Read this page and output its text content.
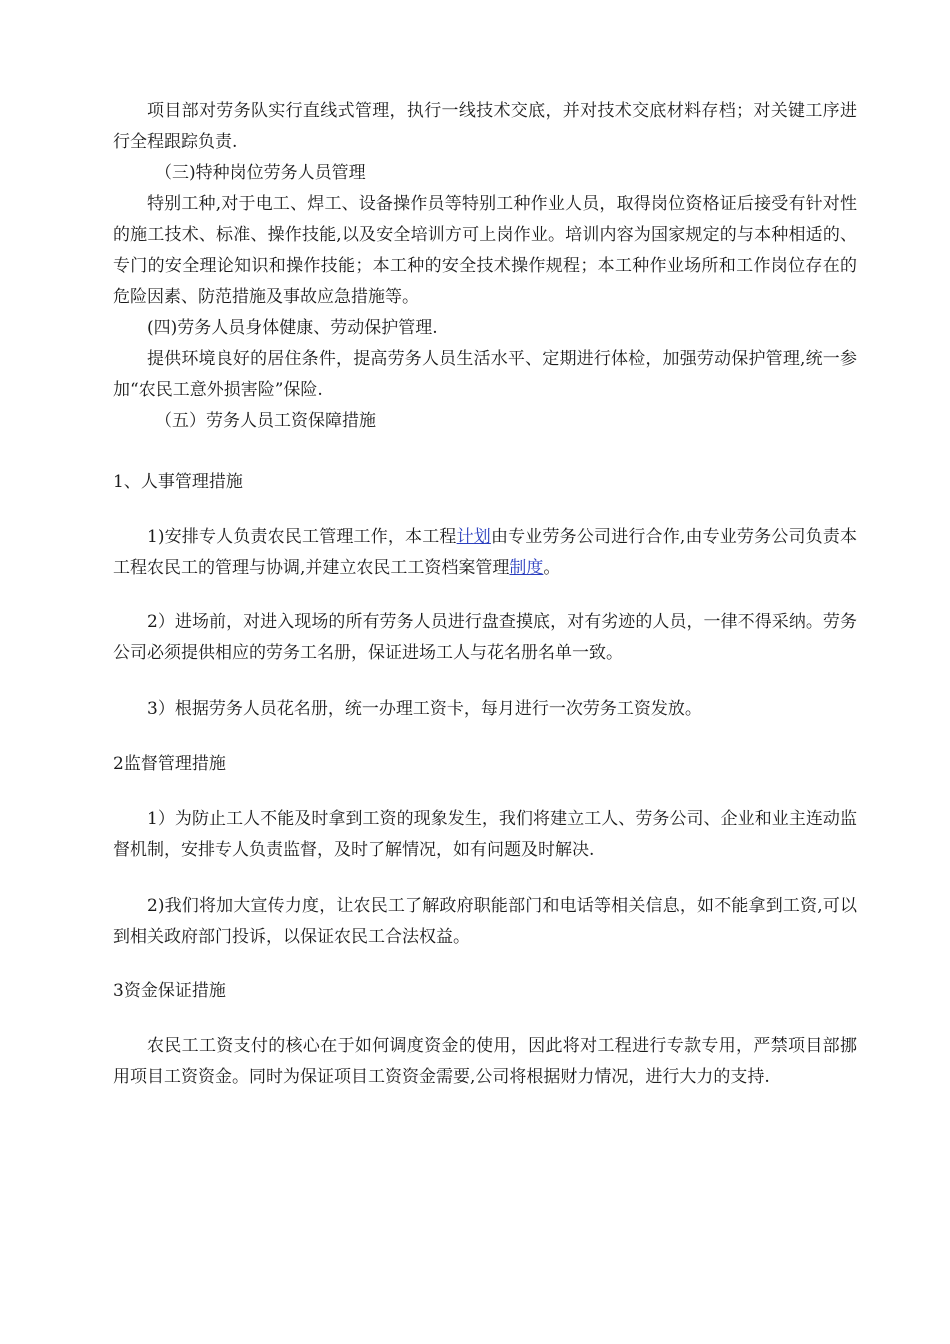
项目部对劳务队实行直线式管理，执行一线技术交底，并对技术交底材料存档；对关键工序进行全程跟踪负责.
（三)特种岗位劳务人员管理
特别工种,对于电工、焊工、设备操作员等特别工种作业人员，取得岗位资格证后接受有针对性的施工技术、标准、操作技能,以及安全培训方可上岗作业。培训内容为国家规定的与本种相适的、专门的安全理论知识和操作技能；本工种的安全技术操作规程；本工种作业场所和工作岗位存在的危险因素、防范措施及事故应急措施等。
(四)劳务人员身体健康、劳动保护管理.
提供环境良好的居住条件，提高劳务人员生活水平、定期进行体检，加强劳动保护管理,统一参加“农民工意外损害险”保险.
（五）劳务人员工资保障措施
1、人事管理措施
1)安排专人负责农民工管理工作，本工程计划由专业劳务公司进行合作,由专业劳务公司负责本工程农民工的管理与协调,并建立农民工工资档案管理制度。
2）进场前，对进入现场的所有劳务人员进行盘查摸底，对有劣迹的人员，一律不得采纳。劳务公司必须提供相应的劳务工名册，保证进场工人与花名册名单一致。
3）根据劳务人员花名册，统一办理工资卡，每月进行一次劳务工资发放。
2监督管理措施
1）为防止工人不能及时拿到工资的现象发生，我们将建立工人、劳务公司、企业和业主连动监督机制，安排专人负责监督，及时了解情况，如有问题及时解决.
2)我们将加大宣传力度，让农民工了解政府职能部门和电话等相关信息，如不能拿到工资,可以到相关政府部门投诉，以保证农民工合法权益。
3资金保证措施
农民工工资支付的核心在于如何调度资金的使用，因此将对工程进行专款专用，严禁项目部挪用项目工资资金。同时为保证项目工资资金需要,公司将根据财力情况，进行大力的支持.
